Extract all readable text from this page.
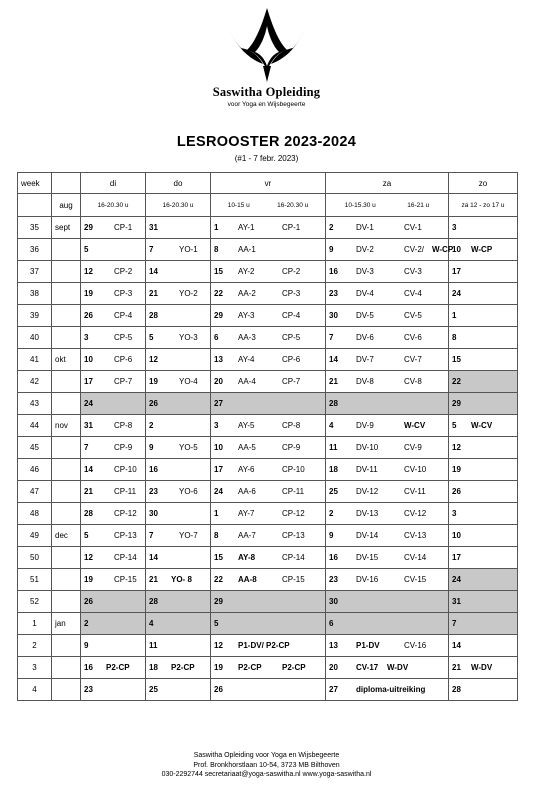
Saswitha Opleiding
voor Yoga en Wijsbegeerte
LESROOSTER 2023-2024
(#1 - 7 febr. 2023)
week		di	do	vr	za	zo
	aug	16-20.30 u	16-20.30 u	10-15 u 16-20.30 u	10-15.30 u 16-21 u	za 12 - zo 17 u
35	sept	29 CP-1	31	1 AY-1 CP-1	2 DV-1 CV-1	3

36		5	7 YO-1	8 AA-1	9 DV-2 CV-2/ W-CP	10 W-CP

37		12 CP-2	14	15 AY-2 CP-2	16 DV-3 CV-3	17

38		19 CP-3	21 YO-2	22 AA-2 CP-3	23 DV-4 CV-4	24

39		26 CP-4	28	29 AY-3 CP-4	30 DV-5 CV-5	1

40		3 CP-5	5 YO-3	6 AA-3 CP-5	7 DV-6 CV-6	8

41	okt	10 CP-6	12	13 AY-4 CP-6	14 DV-7 CV-7	15

42		17 CP-7	19 YO-4	20 AA-4 CP-7	21 DV-8 CV-8	22

43		24	26	27	28	29

44	nov	31 CP-8	2	3 AY-5 CP-8	4 DV-9 W-CV	5 W-CV

45		7 CP-9	9 YO-5	10 AA-5 CP-9	11 DV-10 CV-9	12

46		14 CP-10	16	17 AY-6 CP-10	18 DV-11 CV-10	19

47		21 CP-11	23 YO-6	24 AA-6 CP-11	25 DV-12 CV-11	26

48		28 CP-12	30	1 AY-7 CP-12	2 DV-13 CV-12	3

49	dec	5 CP-13	7 YO-7	8 AA-7 CP-13	9 DV-14 CV-13	10

50		12 CP-14	14	15 AY-8 CP-14	16 DV-15 CV-14	17

51		19 CP-15	21 YO- 8	22 AA-8 CP-15	23 DV-16 CV-15	24

52		26	28	29	30	31

1	jan	2	4	5	6	7

2		9	11	12 P1-DV/ P2-CP	13 P1-DV CV-16	14

3		16 P2-CP	18 P2-CP	19 P2-CP P2-CP	20 CV-17 W-DV	21 W-DV

4		23	25	26	27 diploma-uitreiking	28
Saswitha Opleiding voor Yoga en Wijsbegeerte
Prof. Bronkhorstlaan 10-54, 3723 MB Bilthoven
030-2292744 secretariaat@yoga-saswitha.nl www.yoga-saswitha.nl
